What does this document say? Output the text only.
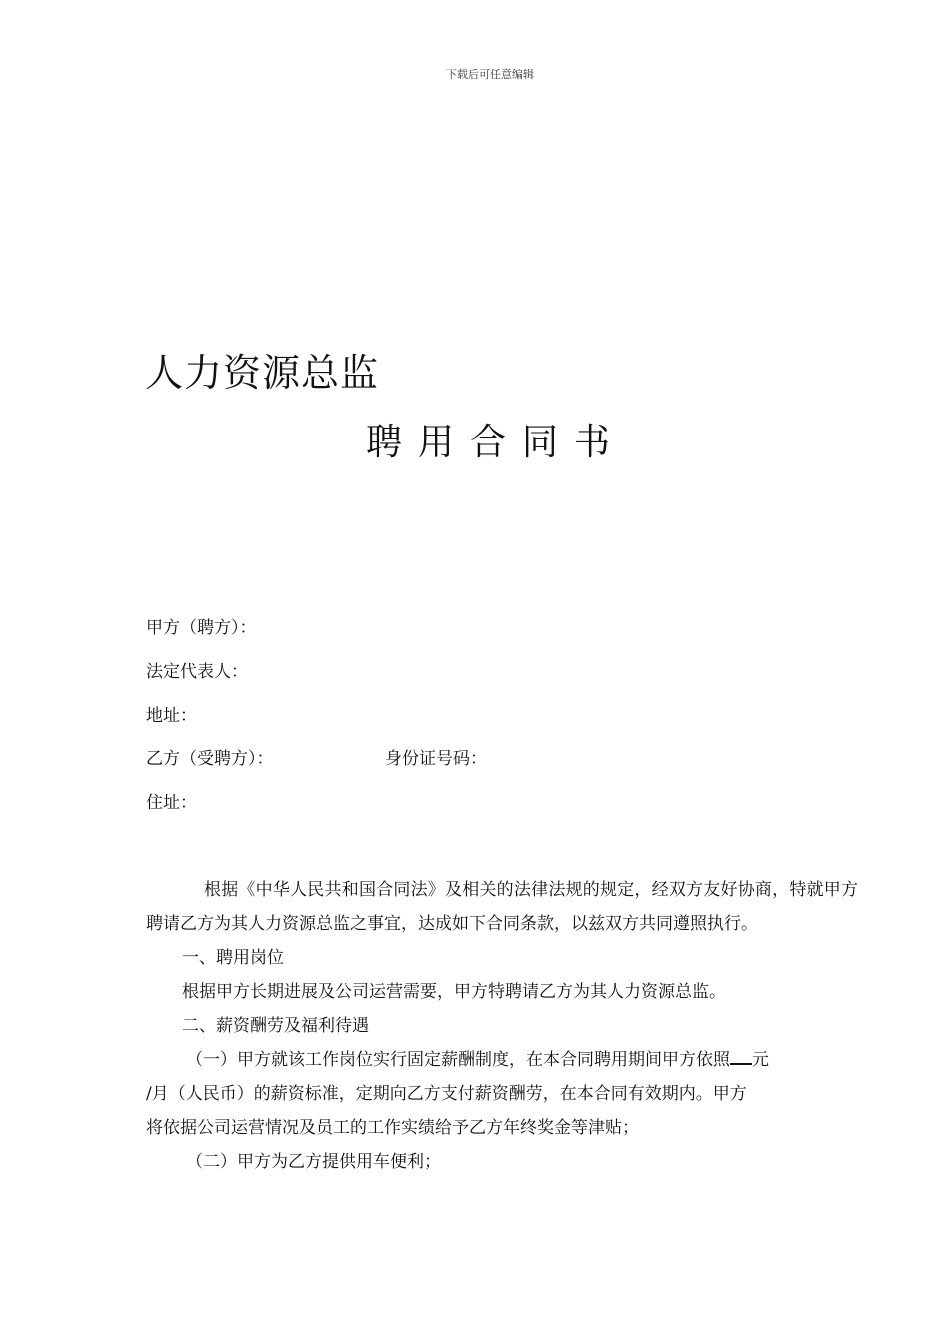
下载后可任意编辑
人力资源总监
聘用合同书
甲方（聘方）：
法定代表人：
地址：
乙方（受聘方）：	身份证号码：
住址：

根据《中华人民共和国合同法》及相关的法律法规的规定，经双方友好协商，特就甲方聘请乙方为其人力资源总监之事宜，达成如下合同条款，以兹双方共同遵照执行。

一、聘用岗位

根据甲方长期进展及公司运营需要，甲方特聘请乙方为其人力资源总监。

二、薪资酬劳及福利待遇

（一）甲方就该工作岗位实行固定薪酬制度，在本合同聘用期间甲方依照 元

/月（人民币）的薪资标准，定期向乙方支付薪资酬劳，在本合同有效期内。甲方

将依据公司运营情况及员工的工作实绩给予乙方年终奖金等津贴；

（二）甲方为乙方提供用车便利；
